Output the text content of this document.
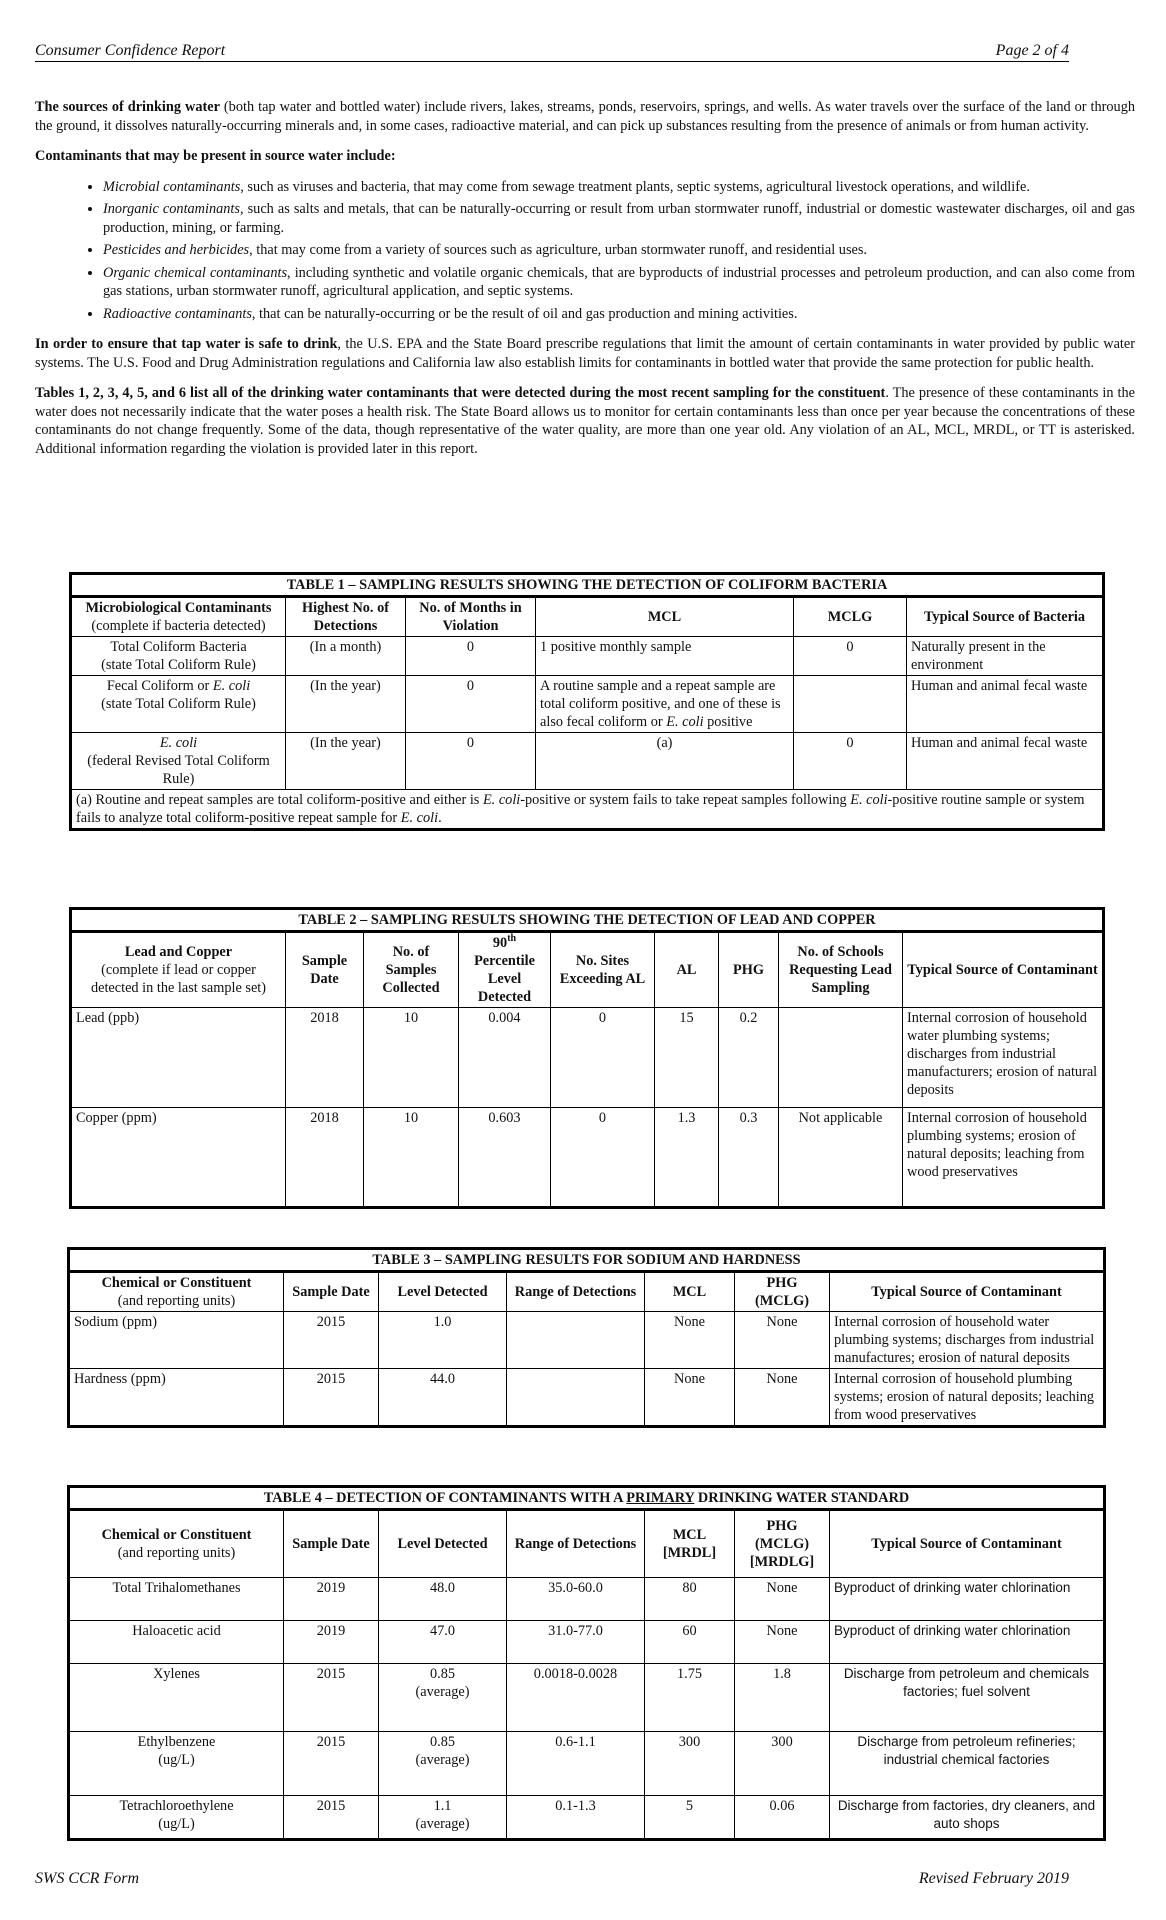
Consumer Confidence Report	Page 2 of 4

The sources of drinking water (both tap water and bottled water) include rivers, lakes, streams, ponds, reservoirs, springs, and wells. As water travels over the surface of the land or through the ground, it dissolves naturally-occurring minerals and, in some cases, radioactive material, and can pick up substances resulting from the presence of animals or from human activity.

Contaminants that may be present in source water include:

• Microbial contaminants, such as viruses and bacteria, that may come from sewage treatment plants, septic systems, agricultural livestock operations, and wildlife.
• Inorganic contaminants, such as salts and metals, that can be naturally-occurring or result from urban stormwater runoff, industrial or domestic wastewater discharges, oil and gas production, mining, or farming.
• Pesticides and herbicides, that may come from a variety of sources such as agriculture, urban stormwater runoff, and residential uses.
• Organic chemical contaminants, including synthetic and volatile organic chemicals, that are byproducts of industrial processes and petroleum production, and can also come from gas stations, urban stormwater runoff, agricultural application, and septic systems.
• Radioactive contaminants, that can be naturally-occurring or be the result of oil and gas production and mining activities.

In order to ensure that tap water is safe to drink, the U.S. EPA and the State Board prescribe regulations that limit the amount of certain contaminants in water provided by public water systems. The U.S. Food and Drug Administration regulations and California law also establish limits for contaminants in bottled water that provide the same protection for public health.

Tables 1, 2, 3, 4, 5, and 6 list all of the drinking water contaminants that were detected during the most recent sampling for the constituent. The presence of these contaminants in the water does not necessarily indicate that the water poses a health risk. The State Board allows us to monitor for certain contaminants less than once per year because the concentrations of these contaminants do not change frequently. Some of the data, though representative of the water quality, are more than one year old. Any violation of an AL, MCL, MRDL, or TT is asterisked. Additional information regarding the violation is provided later in this report.

TABLE 1 – SAMPLING RESULTS SHOWING THE DETECTION OF COLIFORM BACTERIA					
Microbiological Contaminants
(complete if bacteria detected)	Highest No. of Detections	No. of Months in Violation	MCL	MCLG	Typical Source of Bacteria
Total Coliform Bacteria
(state Total Coliform Rule)	(In a month)	0	1 positive monthly sample	0	Naturally present in the environment
Fecal Coliform or E. coli
(state Total Coliform Rule)	(In the year)	0	A routine sample and a repeat sample are total coliform positive, and one of these is also fecal coliform or E. coli positive		Human and animal fecal waste
E. coli
(federal Revised Total Coliform Rule)	(In the year)	0	(a)	0	Human and animal fecal waste
(a) Routine and repeat samples are total coliform-positive and either is E. coli-positive or system fails to take repeat samples following E. coli-positive routine sample or system fails to analyze total coliform-positive repeat sample for E. coli.					
TABLE 2 – SAMPLING RESULTS SHOWING THE DETECTION OF LEAD AND COPPER								
Lead and Copper
(complete if lead or copper detected in the last sample set)	Sample Date	No. of Samples Collected	90th
Percentile Level Detected	No. Sites Exceeding AL	AL	PHG	No. of Schools Requesting Lead Sampling	Typical Source of Contaminant
Lead (ppb)	2018	10	0.004	0	15	0.2		Internal corrosion of household water plumbing systems; discharges from industrial manufacturers; erosion of natural deposits
Copper (ppm)	2018	10	0.603	0	1.3	0.3	Not applicable	Internal corrosion of household plumbing systems; erosion of natural deposits; leaching from wood preservatives
TABLE 3 – SAMPLING RESULTS FOR SODIUM AND HARDNESS						
Chemical or Constituent
(and reporting units)	Sample Date	Level Detected	Range of Detections	MCL	PHG (MCLG)	Typical Source of Contaminant
Sodium (ppm)	2015	1.0		None	None	Internal corrosion of household water plumbing systems; discharges from industrial manufactures; erosion of natural deposits
Hardness (ppm)	2015	44.0		None	None	Internal corrosion of household plumbing systems; erosion of natural deposits; leaching from wood preservatives
TABLE 4 – DETECTION OF CONTAMINANTS WITH A PRIMARY DRINKING WATER STANDARD						
Chemical or Constituent
(and reporting units)	Sample Date	Level Detected	Range of Detections	MCL
[MRDL]	PHG
(MCLG)
[MRDLG]	Typical Source of Contaminant
Total Trihalomethanes	2019	48.0	35.0-60.0	80	None	Byproduct of drinking water chlorination
Haloacetic acid	2019	47.0	31.0-77.0	60	None	Byproduct of drinking water chlorination
Xylenes	2015	0.85
(average)	0.0018-0.0028	1.75	1.8	Discharge from petroleum and chemicals factories; fuel solvent
Ethylbenzene
(ug/L)	2015	0.85
(average)	0.6-1.1	300	300	Discharge from petroleum refineries; industrial chemical factories
Tetrachloroethylene
(ug/L)	2015	1.1
(average)	0.1-1.3	5	0.06	Discharge from factories, dry cleaners, and auto shops
SWS CCR Form	Revised February 2019
